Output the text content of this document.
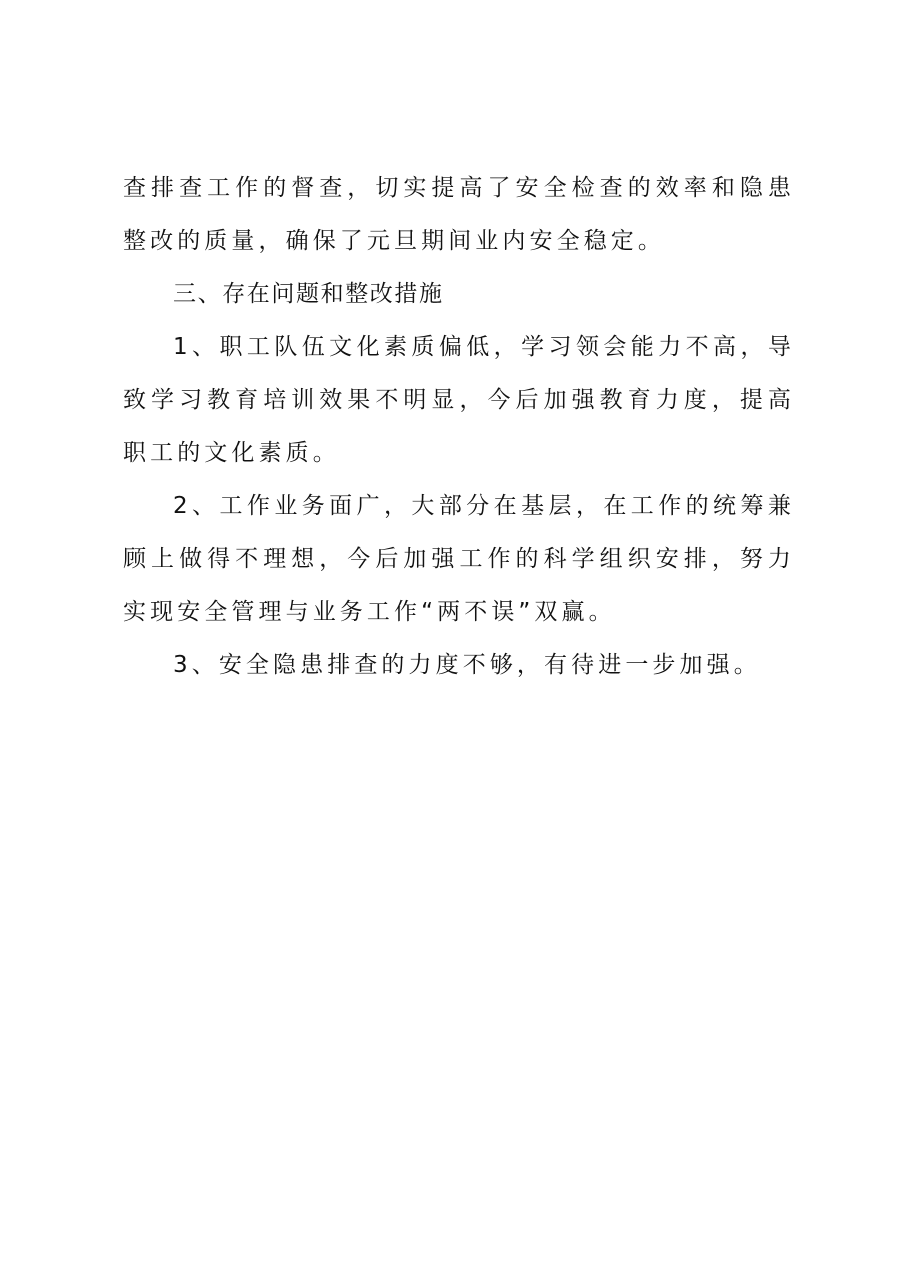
查排查工作的督查，切实提高了安全检查的效率和隐患整改的质量，确保了元旦期间业内安全稳定。

三、存在问题和整改措施

1、职工队伍文化素质偏低，学习领会能力不高，导致学习教育培训效果不明显，今后加强教育力度，提高职工的文化素质。

2、工作业务面广，大部分在基层，在工作的统筹兼顾上做得不理想，今后加强工作的科学组织安排，努力实现安全管理与业务工作“两不误”双赢。

3、安全隐患排查的力度不够，有待进一步加强。
